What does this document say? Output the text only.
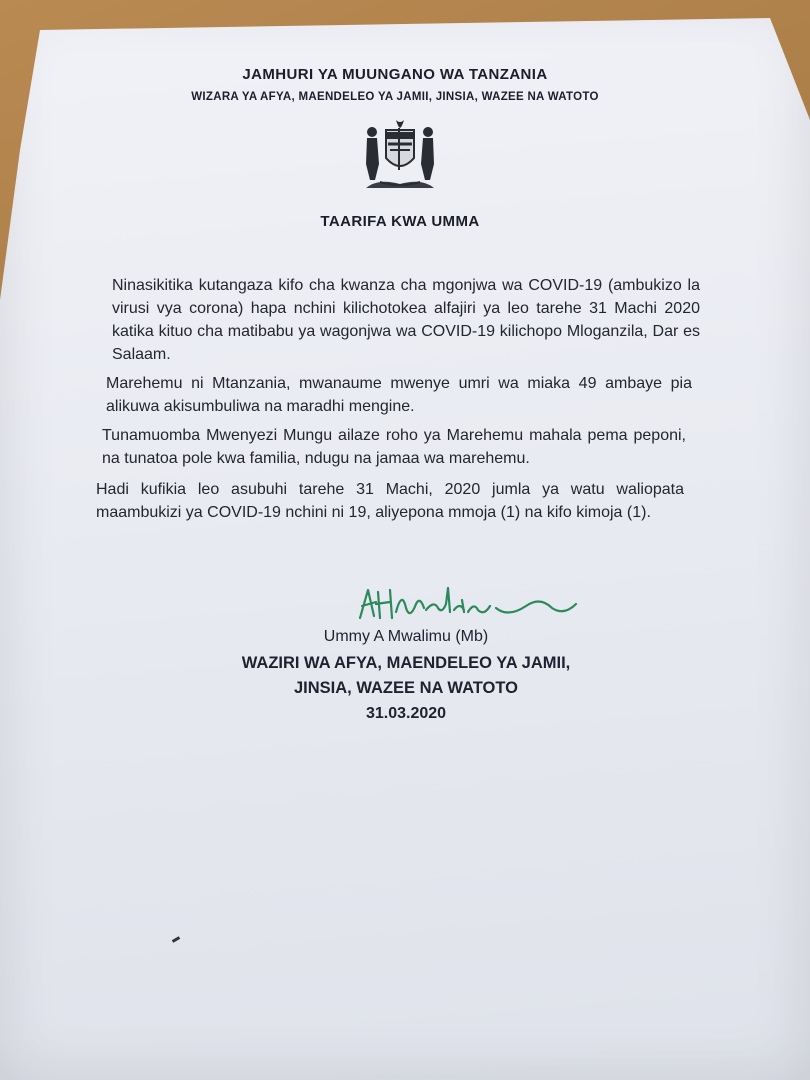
JAMHURI YA MUUNGANO WA TANZANIA
WIZARA YA AFYA, MAENDELEO YA JAMII, JINSIA, WAZEE NA WATOTO
TAARIFA KWA UMMA
Ninasikitika kutangaza kifo cha kwanza cha mgonjwa wa COVID-19 (ambukizo la virusi vya corona) hapa nchini kilichotokea alfajiri ya leo tarehe 31 Machi 2020 katika kituo cha matibabu ya wagonjwa wa COVID-19 kilichopo Mloganzila, Dar es Salaam.
Marehemu ni Mtanzania, mwanaume mwenye umri wa miaka 49 ambaye pia alikuwa akisumbuliwa na maradhi mengine.
Tunamuomba Mwenyezi Mungu ailaze roho ya Marehemu mahala pema peponi, na tunatoa pole kwa familia, ndugu na jamaa wa marehemu.
Hadi kufikia leo asubuhi tarehe 31 Machi, 2020 jumla ya watu waliopata maambukizi ya COVID-19 nchini ni 19, aliyepona mmoja (1) na kifo kimoja (1).
Ummy A Mwalimu (Mb)
WAZIRI WA AFYA, MAENDELEO YA JAMII,
JINSIA, WAZEE NA WATOTO
31.03.2020
